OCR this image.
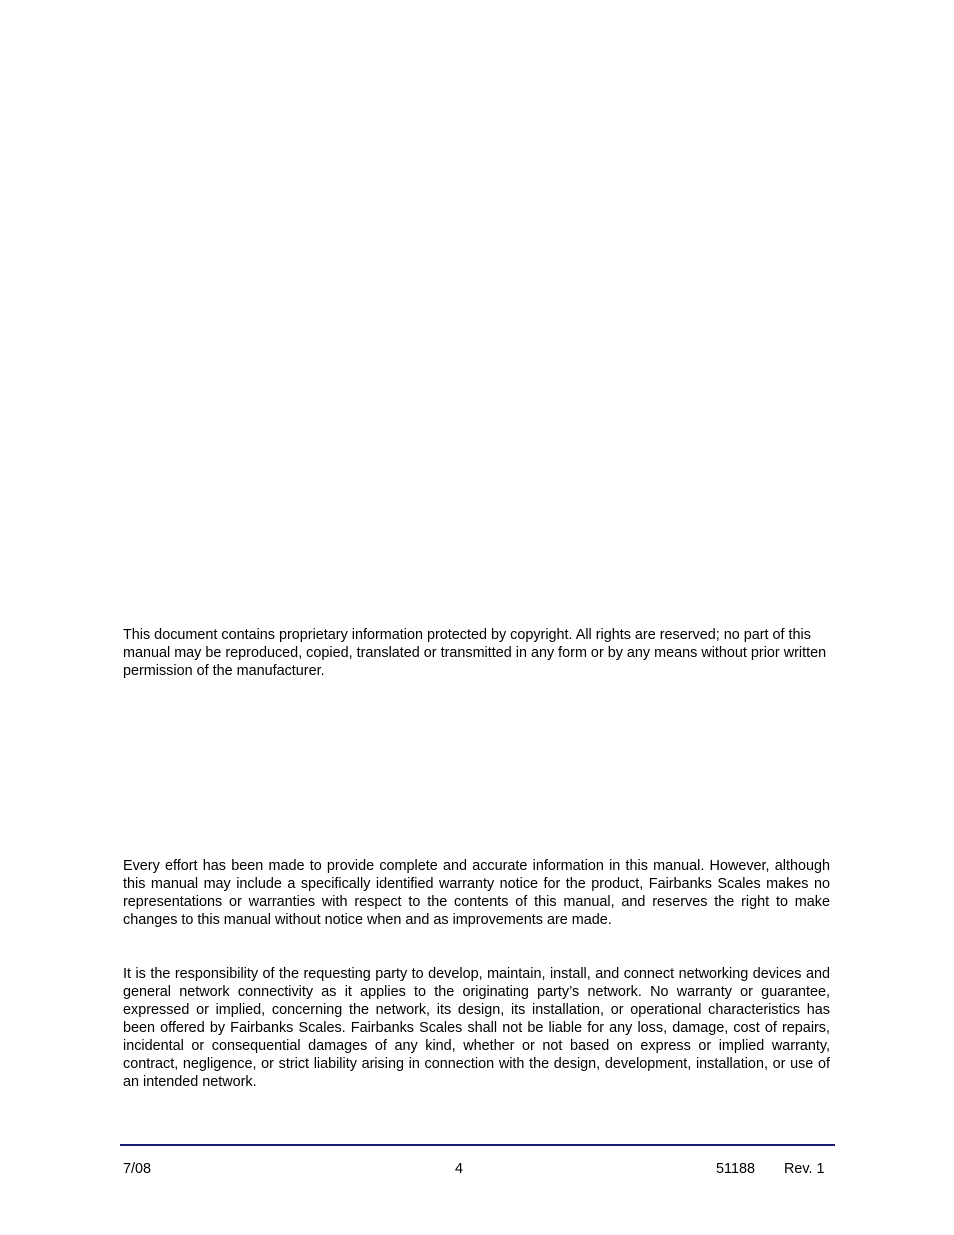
This document contains proprietary information protected by copyright. All rights are reserved; no part of this manual may be reproduced, copied, translated or transmitted in any form or by any means without prior written permission of the manufacturer.

Every effort has been made to provide complete and accurate information in this manual. However, although this manual may include a specifically identified warranty notice for the product, Fairbanks Scales makes no representations or warranties with respect to the contents of this manual, and reserves the right to make changes to this manual without notice when and as improvements are made.

It is the responsibility of the requesting party to develop, maintain, install, and connect networking devices and general network connectivity as it applies to the originating party’s network. No warranty or guarantee, expressed or implied, concerning the network, its design, its installation, or operational characteristics has been offered by Fairbanks Scales. Fairbanks Scales shall not be liable for any loss, damage, cost of repairs, incidental or consequential damages of any kind, whether or not based on express or implied warranty, contract, negligence, or strict liability arising in connection with the design, development, installation, or use of an intended network.

7/08	4	51188 Rev. 1
